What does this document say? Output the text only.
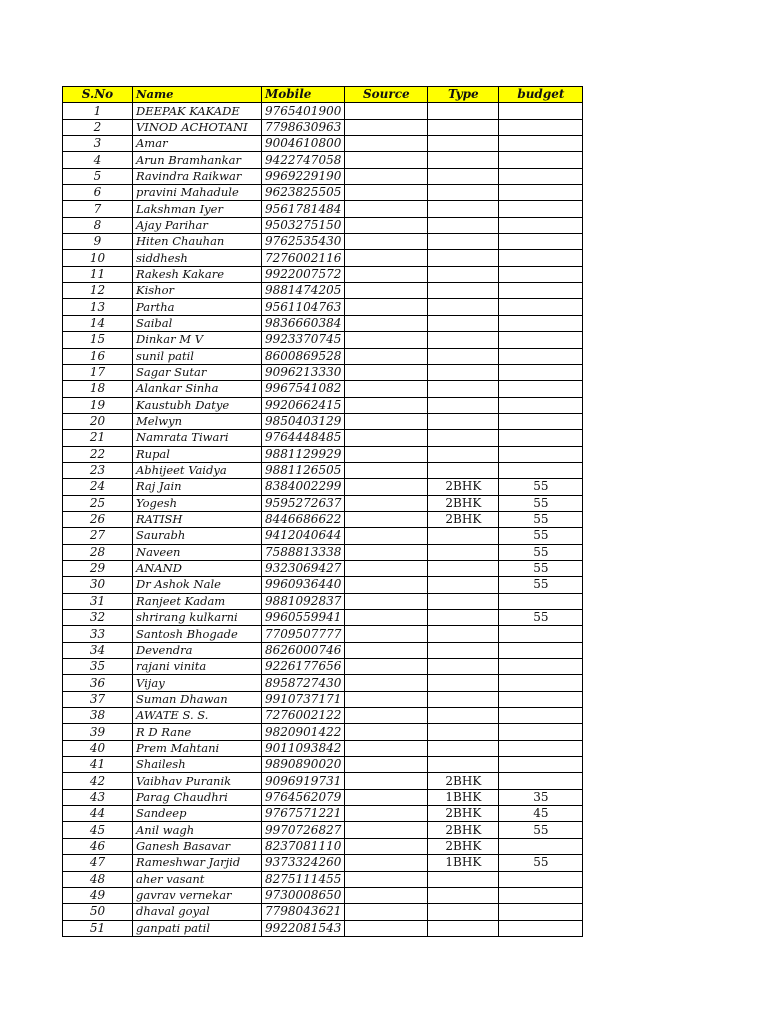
S.No	Name	Mobile	Source	Type	budget
1	DEEPAK KAKADE	9765401900			
2	VINOD ACHOTANI	7798630963			
3	Amar	9004610800			
4	Arun Bramhankar	9422747058			
5	Ravindra Raikwar	9969229190			
6	pravini Mahadule	9623825505			
7	Lakshman Iyer	9561781484			
8	Ajay Parihar	9503275150			
9	Hiten Chauhan	9762535430			
10	siddhesh	7276002116			
11	Rakesh Kakare	9922007572			
12	Kishor	9881474205			
13	Partha	9561104763			
14	Saibal	9836660384			
15	Dinkar M V	9923370745			
16	sunil patil	8600869528			
17	Sagar Sutar	9096213330			
18	Alankar Sinha	9967541082			
19	Kaustubh Datye	9920662415			
20	Melwyn	9850403129			
21	Namrata Tiwari	9764448485			
22	Rupal	9881129929			
23	Abhijeet Vaidya	9881126505			
24	Raj Jain	8384002299		2BHK	55
25	Yogesh	9595272637		2BHK	55
26	RATISH	8446686622		2BHK	55
27	Saurabh	9412040644			55
28	Naveen	7588813338			55
29	ANAND	9323069427			55
30	Dr Ashok Nale	9960936440			55
31	Ranjeet Kadam	9881092837			
32	shrirang kulkarni	9960559941			55
33	Santosh Bhogade	7709507777			
34	Devendra	8626000746			
35	rajani vinita	9226177656			
36	Vijay	8958727430			
37	Suman Dhawan	9910737171			
38	AWATE S. S.	7276002122			
39	R D Rane	9820901422			
40	Prem Mahtani	9011093842			
41	Shailesh	9890890020			
42	Vaibhav Puranik	9096919731		2BHK	
43	Parag Chaudhri	9764562079		1BHK	35
44	Sandeep	9767571221		2BHK	45
45	Anil wagh	9970726827		2BHK	55
46	Ganesh Basavar	8237081110		2BHK	
47	Rameshwar Jarjid	9373324260		1BHK	55
48	aher vasant	8275111455			
49	gavrav vernekar	9730008650			
50	dhaval goyal	7798043621			
51	ganpati patil	9922081543			
